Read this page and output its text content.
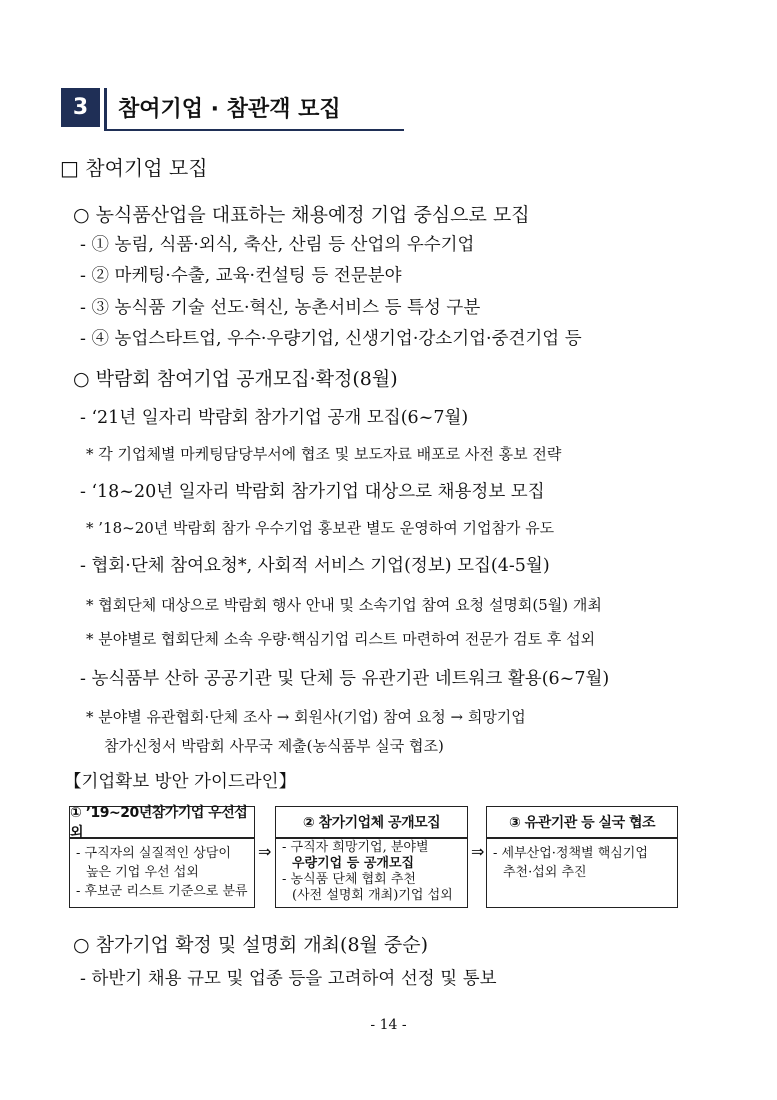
3	참여기업 · 참관객 모집
□ 참여기업 모집
○ 농식품산업을 대표하는 채용예정 기업 중심으로 모집
- ① 농림, 식품·외식, 축산, 산림 등 산업의 우수기업
- ② 마케팅·수출, 교육·컨설팅 등 전문분야
- ③ 농식품 기술 선도·혁신, 농촌서비스 등 특성 구분
- ④ 농업스타트업, 우수·우량기업, 신생기업·강소기업·중견기업 등
○ 박람회 참여기업 공개모집·확정(8월)
- ‘21년 일자리 박람회 참가기업 공개 모집(6~7월)
* 각 기업체별 마케팅담당부서에 협조 및 보도자료 배포로 사전 홍보 전략
- ‘18~20년 일자리 박람회 참가기업 대상으로 채용정보 모집
* ’18~20년 박람회 참가 우수기업 홍보관 별도 운영하여 기업참가 유도
- 협회·단체 참여요청*, 사회적 서비스 기업(정보) 모집(4-5월)
* 협회단체 대상으로 박람회 행사 안내 및 소속기업 참여 요청 설명회(5월) 개최
* 분야별로 협회단체 소속 우량·핵심기업 리스트 마련하여 전문가 검토 후 섭외
- 농식품부 산하 공공기관 및 단체 등 유관기관 네트워크 활용(6~7월)
* 분야별 유관협회·단체 조사 → 회원사(기업) 참여 요청 → 희망기업
참가신청서 박람회 사무국 제출(농식품부 실국 협조)
【기업확보 방안 가이드라인】
① ’19~20년참가기업 우선섭외
- 구직자의 실질적인 상담이
높은 기업 우선 섭외
- 후보군 리스트 기준으로 분류
⇒
② 참가기업체 공개모집
- 구직자 희망기업, 분야별
우량기업 등 공개모집
- 농식품 단체 협회 추천
(사전 설명회 개최)기업 섭외
⇒
③ 유관기관 등 실국 협조
- 세부산업·정책별 핵심기업
추천·섭외 추진
○ 참가기업 확정 및 설명회 개최(8월 중순)
- 하반기 채용 규모 및 업종 등을 고려하여 선정 및 통보
- 14 -
